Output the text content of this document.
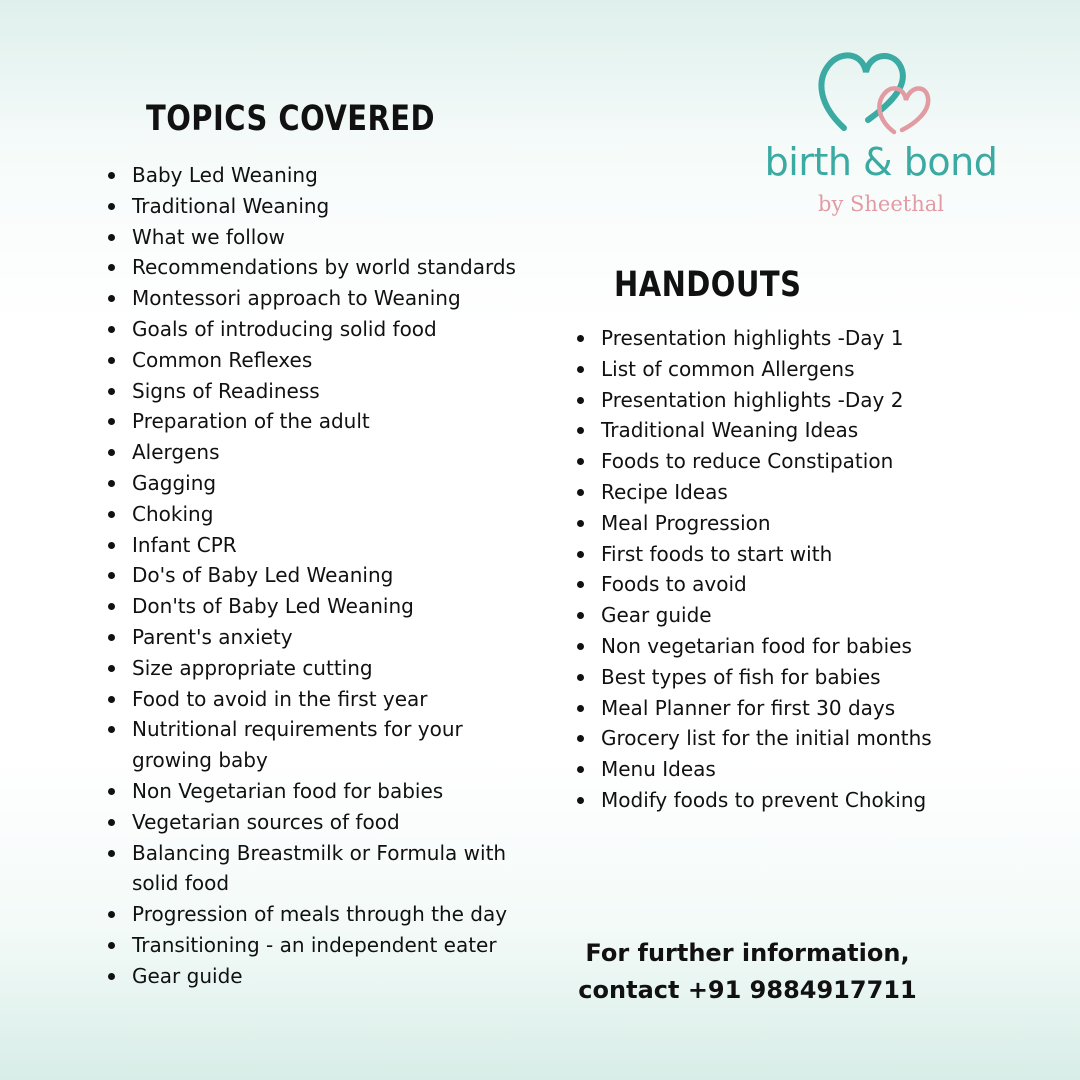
birth & bond
by Sheethal
TOPICS COVERED
Baby Led Weaning
Traditional Weaning
What we follow
Recommendations by world standards
Montessori approach to Weaning
Goals of introducing solid food
Common Reflexes
Signs of Readiness
Preparation of the adult
Alergens
Gagging
Choking
Infant CPR
Do's of Baby Led Weaning
Don'ts of Baby Led Weaning
Parent's anxiety
Size appropriate cutting
Food to avoid in the first year
Nutritional requirements for your growing baby
Non Vegetarian food for babies
Vegetarian sources of food
Balancing Breastmilk or Formula with solid food
Progression of meals through the day
Transitioning - an independent eater
Gear guide
HANDOUTS
Presentation highlights -Day 1
List of common Allergens
Presentation highlights -Day 2
Traditional Weaning Ideas
Foods to reduce Constipation
Recipe Ideas
Meal Progression
First foods to start with
Foods to avoid
Gear guide
Non vegetarian food for babies
Best types of fish for babies
Meal Planner for first 30 days
Grocery list for the initial months
Menu Ideas
Modify foods to prevent Choking
For further information,
contact +91 9884917711
